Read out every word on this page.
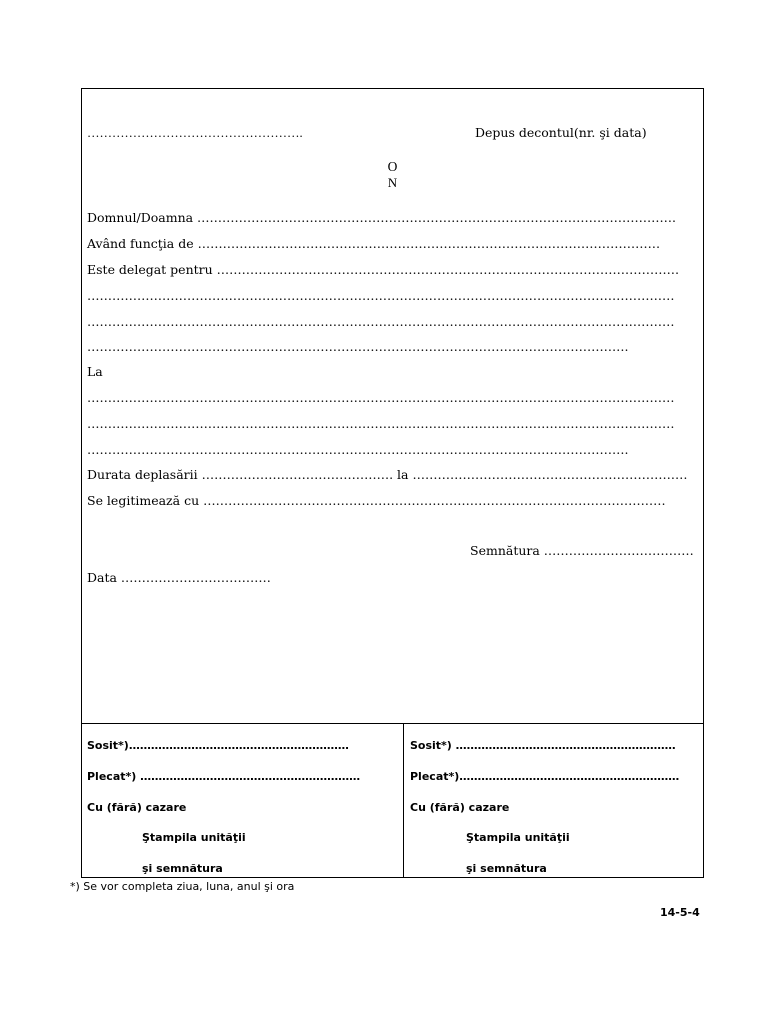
…………………………………………….	Depus decontul(nr. şi data)
O
N
Domnul/Doamna …………………………………………………………………………………………………….
Având funcţia de …………………………………………………………………………………………………
Este delegat pentru …………………………………………………………………………………………………
……………………………………………………………………………………………………………………………
……………………………………………………………………………………………………………………………
………………………………………………………………………………………………………………….
La
……………………………………………………………………………………………………………………………
……………………………………………………………………………………………………………………………
………………………………………………………………………………………………………………….
Durata deplasării ………………………………………. la …………………………………………………………
Se legitimează cu …………………………………………………………………………………………………
Semnătura ………………………………
Data ………………………………
Sosit*)……………………………………………………
Plecat*) ……………………………………………………
Cu (fără) cazare
Ştampila unităţii
şi semnătura
Sosit*) ……………………………………………………
Plecat*)……………………………………………………
Cu (fără) cazare
Ştampila unităţii
şi semnătura
*) Se vor completa ziua, luna, anul şi ora
14-5-4
